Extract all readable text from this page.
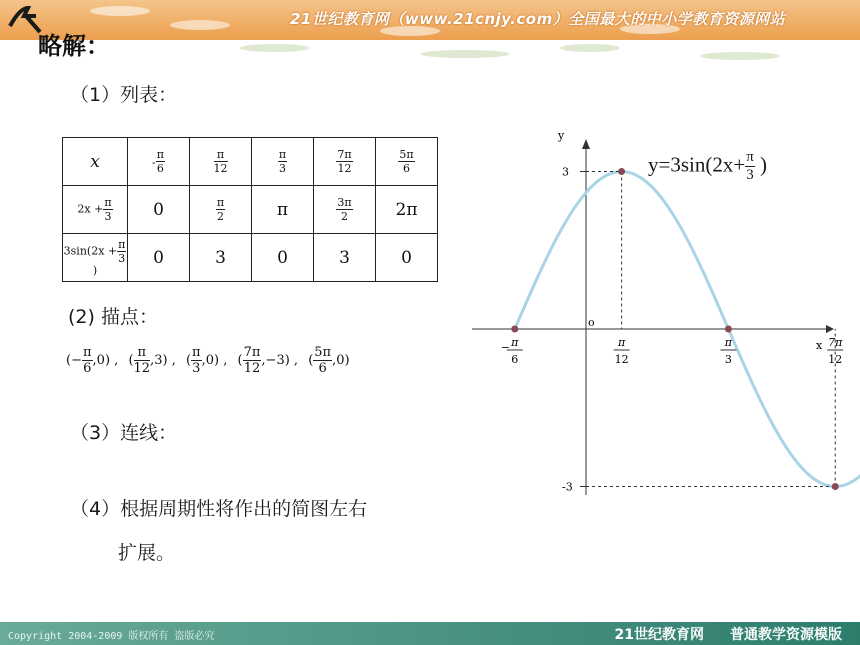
21世纪教育网（www.21cnjy.com）全国最大的中小学教育资源网站
略解：
（1）列表：
x	- $\frac{\pi}{6}$	$\frac{\pi}{12}$	$\frac{\pi}{3}$	$\frac{7\pi}{12}$	$\frac{5\pi}{6}$

$2x + \frac{\pi}{3}$	0	$\frac{\pi}{2}$	π	$\frac{3\pi}{2}$	2π
$3\sin(2x + \frac{\pi}{3}$
)	0	3	0	3	0
(2) 描点：
(− $\frac{\pi}{6} ,0$) , ( $\frac{\pi}{12} ,3$) , ( $\frac{\pi}{3} ,0$) , ( $\frac{7\pi}{12} ,-3$) , ( $\frac{5\pi}{6} ,0$)
（3）连线：
（4）根据周期性将作出的简图左右
扩展。
x
y
o
3
-3
− π
6
π
12
π
3
7π
12
$y=3\sin(2x+ \frac{\pi}{3}$ )
Copyright 2004-2009 版权所有 盗版必究	21世纪教育网 普通教学资源模版
